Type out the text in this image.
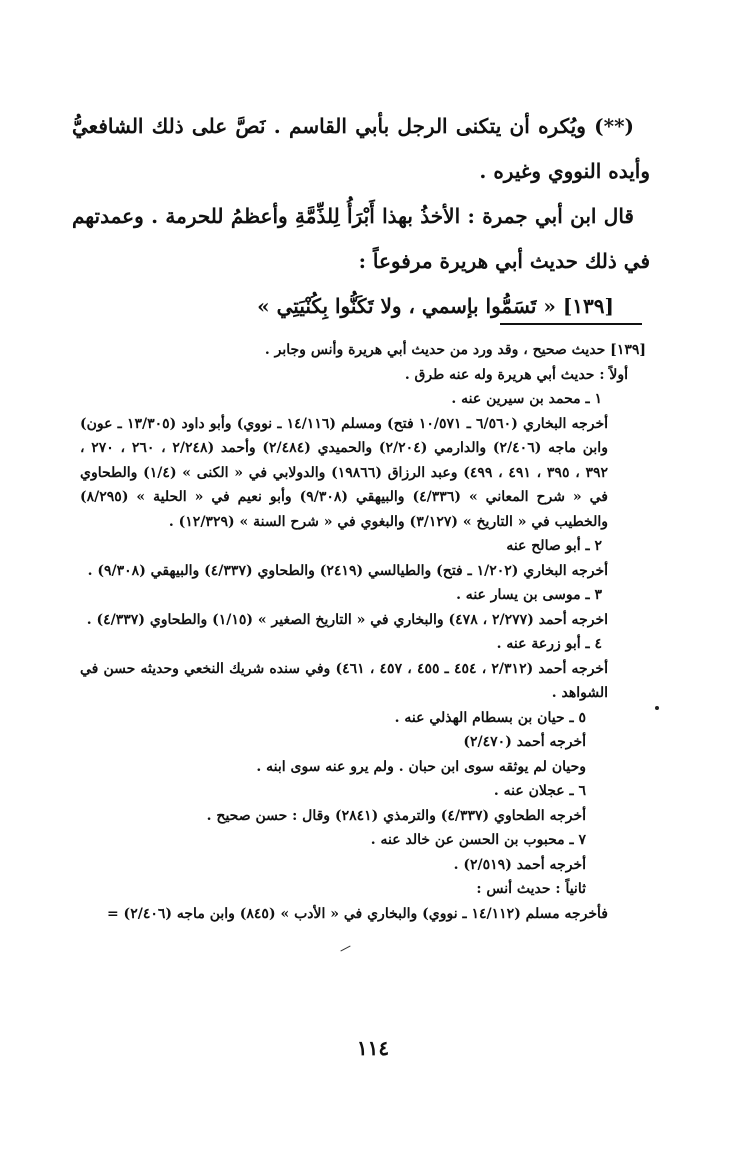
(**) ويُكره أن يتكنى الرجل بأبي القاسم . نَصَّ على ذلك الشافعيُّ وأيده النووي وغيره .

قال ابن أبي جمرة : الأخذُ بهذا أَبْرَأُ لِلذِّمَّةِ وأعظمُ للحرمة . وعمدتهم في ذلك حديث أبي هريرة مرفوعاً :

[١٣٩] « تَسَمُّوا بإسمي ، ولا تَكَنُّوا بِكُنْيَتِي »

[١٣٩] حديث صحيح ، وقد ورد من حديث أبي هريرة وأنس وجابر .

أولاً : حديث أبي هريرة وله عنه طرق .

١ ـ محمد بن سيرين عنه .

أخرجه البخاري (٦/٥٦٠ ـ ١٠/٥٧١ فتح) ومسلم (١٤/١١٦ ـ نووي) وأبو داود (١٣/٣٠٥ ـ عون) وابن ماجه (٢/٤٠٦) والدارمي (٢/٢٠٤) والحميدي (٢/٤٨٤) وأحمد (٢/٢٤٨ ، ٢٦٠ ، ٢٧٠ ، ٣٩٢ ، ٣٩٥ ، ٤٩١ ، ٤٩٩) وعبد الرزاق (١٩٨٦٦) والدولابي في « الكنى » (١/٤) والطحاوي في « شرح المعاني » (٤/٣٣٦) والبيهقي (٩/٣٠٨) وأبو نعيم في « الحلية » (٨/٢٩٥) والخطيب في « التاريخ » (٣/١٢٧) والبغوي في « شرح السنة » (١٢/٣٢٩) .

٢ ـ أبو صالح عنه

أخرجه البخاري (١/٢٠٢ ـ فتح) والطيالسي (٢٤١٩) والطحاوي (٤/٣٣٧) والبيهقي (٩/٣٠٨) .

٣ ـ موسى بن يسار عنه .

اخرجه أحمد (٢/٢٧٧ ، ٤٧٨) والبخاري في « التاريخ الصغير » (١/١٥) والطحاوي (٤/٣٣٧) .

٤ ـ أبو زرعة عنه .

أخرجه أحمد (٢/٣١٢ ، ٤٥٤ ـ ٤٥٥ ، ٤٥٧ ، ٤٦١) وفي سنده شريك النخعي وحديثه حسن في الشواهد .

٥ ـ حيان بن بسطام الهذلي عنه .

أخرجه أحمد (٢/٤٧٠)

وحيان لم يوثقه سوى ابن حبان . ولم يرو عنه سوى ابنه .

٦ ـ عجلان عنه .

أخرجه الطحاوي (٤/٣٣٧) والترمذي (٢٨٤١) وقال : حسن صحيح .

٧ ـ محبوب بن الحسن عن خالد عنه .

أخرجه أحمد (٢/٥١٩) .

ثانياً : حديث أنس :

فأخرجه مسلم (١٤/١١٢ ـ نووي) والبخاري في « الأدب » (٨٤٥) وابن ماجه (٢/٤٠٦) =

١١٤
